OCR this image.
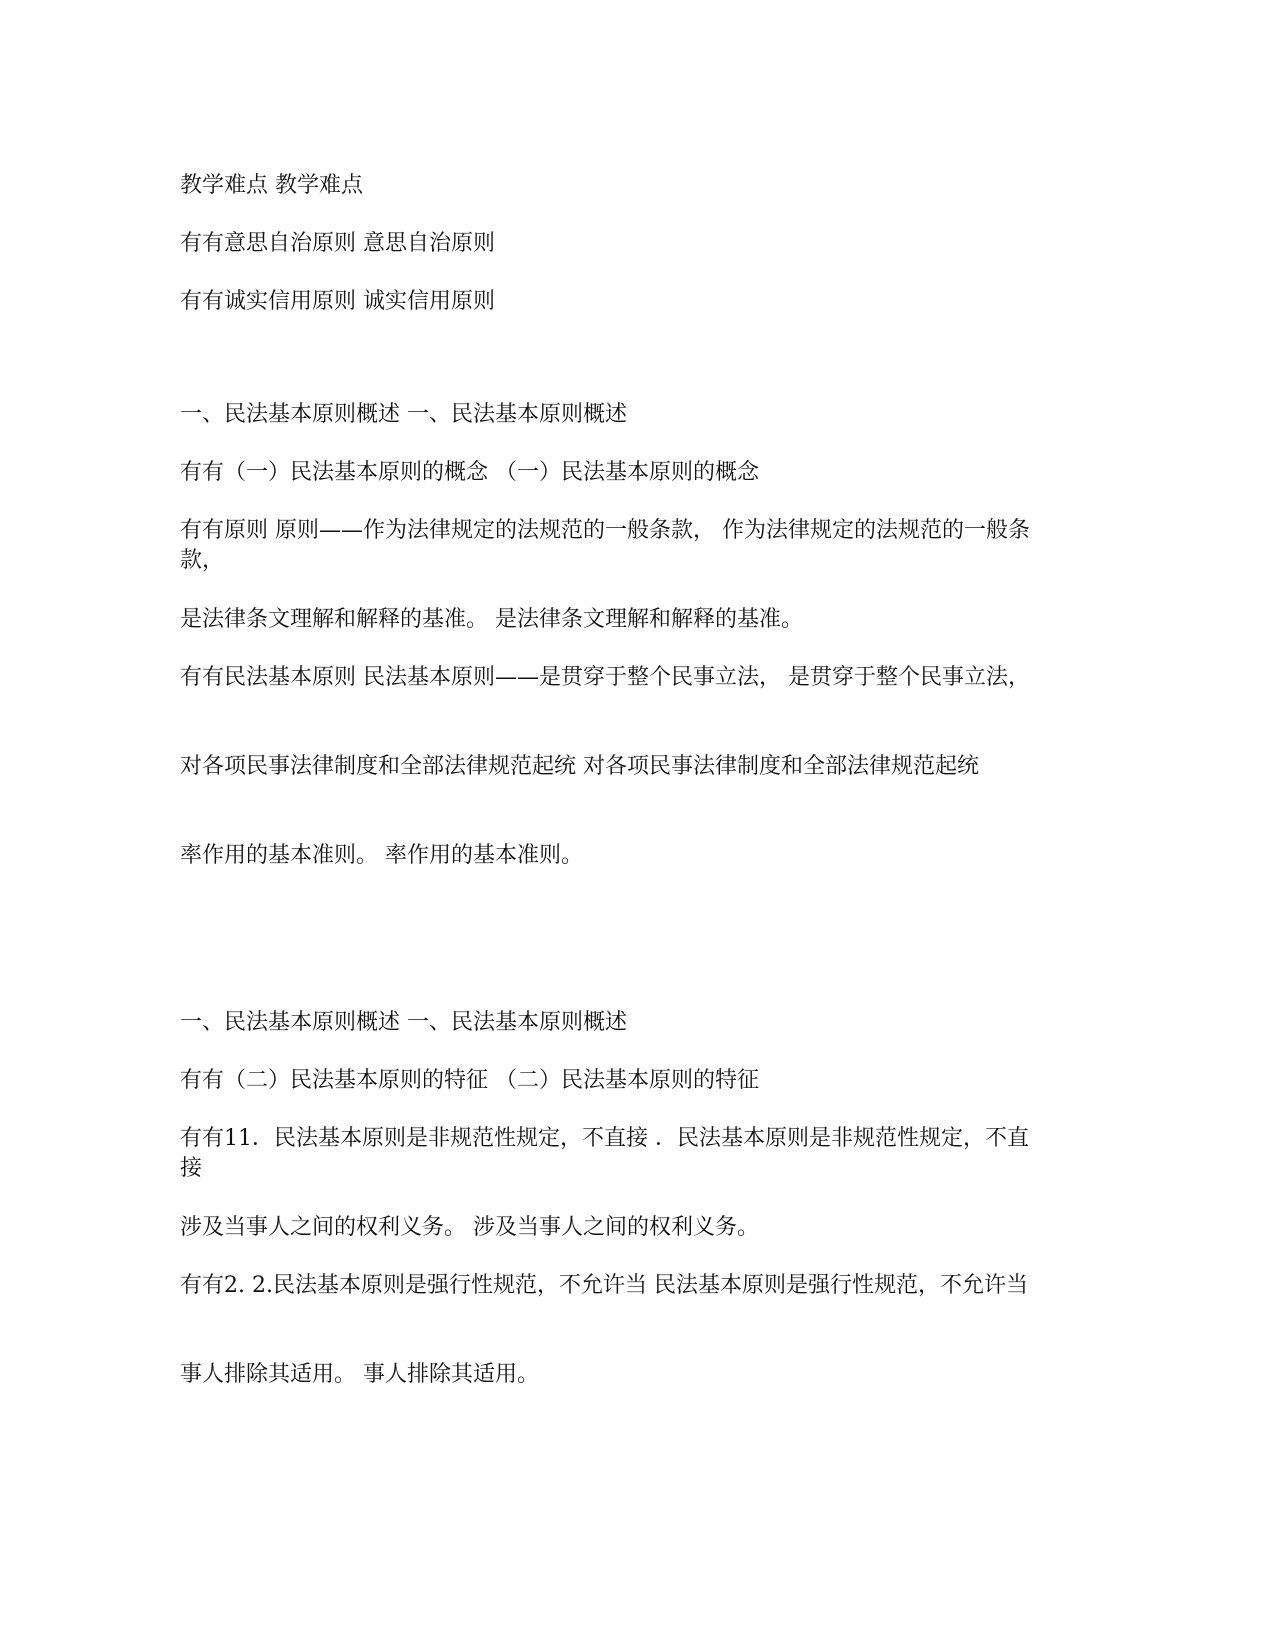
教学难点 教学难点
有有意思自治原则 意思自治原则
有有诚实信用原则 诚实信用原则
一、民法基本原则概述 一、民法基本原则概述
有有（一）民法基本原则的概念 （一）民法基本原则的概念
有有原则 原则——作为法律规定的法规范的一般条款， 作为法律规定的法规范的一般条款，
是法律条文理解和解释的基准。 是法律条文理解和解释的基准。
有有民法基本原则 民法基本原则——是贯穿于整个民事立法， 是贯穿于整个民事立法，
对各项民事法律制度和全部法律规范起统 对各项民事法律制度和全部法律规范起统
率作用的基本准则。 率作用的基本准则。
一、民法基本原则概述 一、民法基本原则概述
有有（二）民法基本原则的特征 （二）民法基本原则的特征
有有11．民法基本原则是非规范性规定，不直接 ．民法基本原则是非规范性规定，不直接
涉及当事人之间的权利义务。 涉及当事人之间的权利义务。
有有2. 2.民法基本原则是强行性规范，不允许当 民法基本原则是强行性规范，不允许当
事人排除其适用。 事人排除其适用。
